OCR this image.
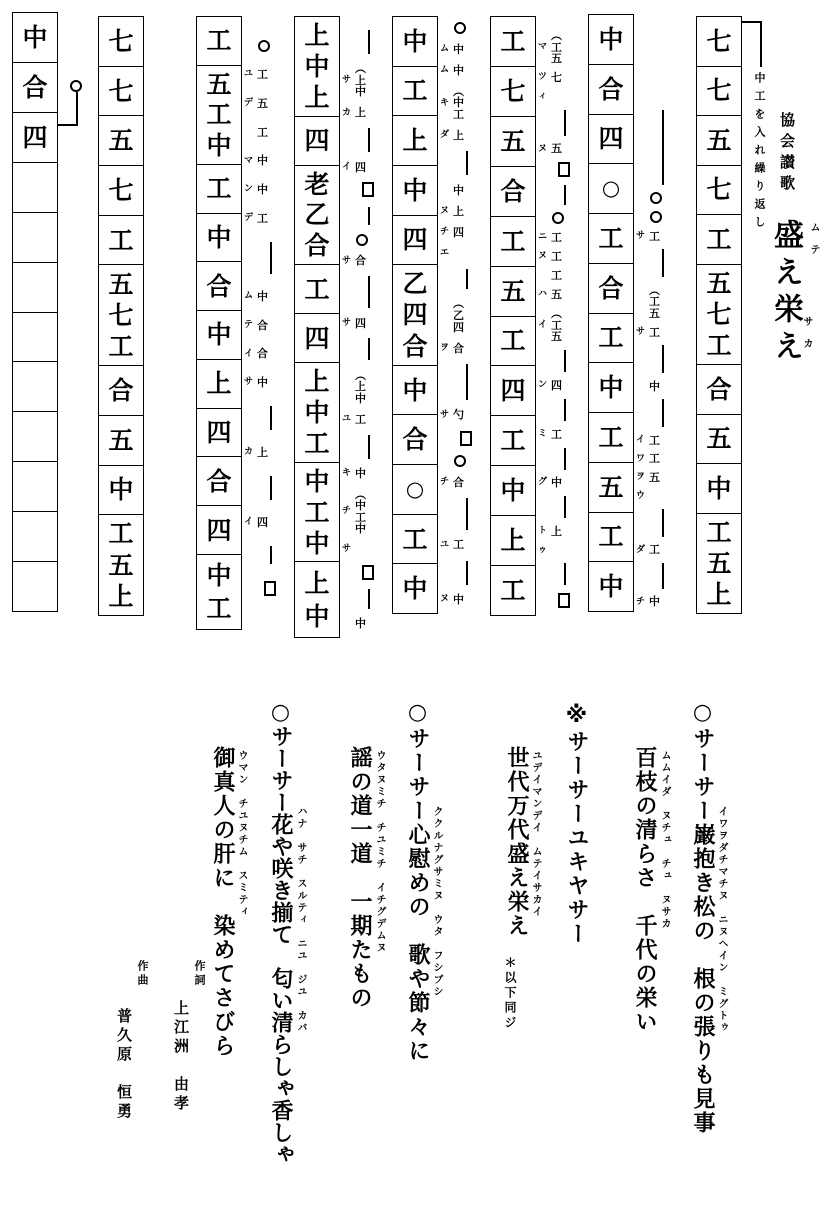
協会讃歌
ムテ
盛え栄え
サカ
中工を入れ繰り返し
七
七
五
七
工
五
七
工
合
五
中
工
五
上
中
合
四
○
工
合
工
中
工
五
工
中
工
七
五
合
工
五
工
四
工
中
上
工
中
工
上
中
四
乙
四
合
中
合
○
工
中
上
中
上
四
老
乙
合
工
四
上
中
工
中
工
中
上
中
工
五
工
中
工
中
合
中
上
四
合
四
中
工
七
七
五
七
工
五
七
工
合
五
中
工
五
上
中
合
四
サ 工
︵
工
五
サ 工
中
イ 工
ワ 工
ヲ 五
ウ
ダ 工
チ 中
マ
︵
工
五
ツ 七
ィ
ヌ 五
ニ 工
ヌ 工
工
ハ 五
イ
︵
工
五
ン 四
ミ 工
グ 中
ト 上
ゥ
ム 中
ム 中
キ
︵
中
工
ダ 上
中
ヌ 上
チ 四
エ
︵
乙
四
ヲ 合
サ 勺
チ 合
ユ 工
ヌ 中
サ
︵
上
中
カ 上
イ 四
サ 合
サ 四
︵
上
中
ユ 工
キ 中
チ
︵
中
工
中
サ
中
ユ 工
デ 五
工
マ 中
ン 中
デ 工
ム 中
テ 合
イ 合
サ 中
カ 上
イ 四
○サーサー巌抱き松の　根の張りも見事 イワヲダチマチヌ　ニヌヘイン　ミグトゥ
百枝の清らさ　千代の栄い ムムイダ　ヌチュ　チュ　ヌサカ
※サーサーユキヤサー
世代万代盛え栄え ユデイマンデイ　ムテイサカイ
＊以下同ジ
○サーサー心慰めの　歌や節々に ククルナグサミヌ　ウタ　フシブシ
謡の道一道　一期たもの ウタヌミチ　チユミチ　イチグデムヌ
○サーサー花や咲き揃て　匂い清らしゃ香しゃ ハナ　サチ　スルティ　ニユ　ジユ　カバ
御真人の肝に　染めてさびら ウマン　チユヌチム　スミティ
作詞
上江洲　由孝
作曲
普久原　恒勇
